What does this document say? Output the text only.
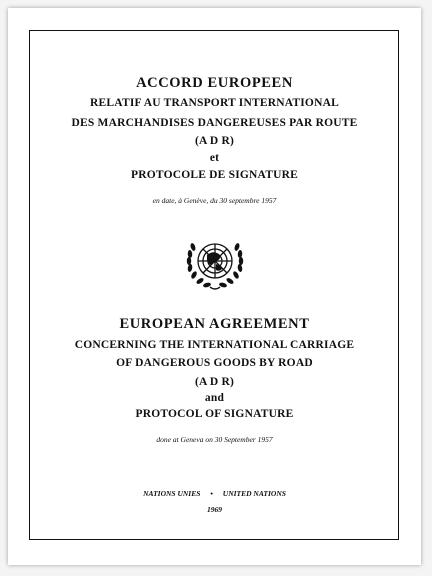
ACCORD EUROPEEN
RELATIF AU TRANSPORT INTERNATIONAL
DES MARCHANDISES DANGEREUSES PAR ROUTE
(A D R)
et
PROTOCOLE DE SIGNATURE
en date, à Genève, du 30 septembre 1957
EUROPEAN AGREEMENT
CONCERNING THE INTERNATIONAL CARRIAGE
OF DANGEROUS GOODS BY ROAD
(A D R)
and
PROTOCOL OF SIGNATURE
done at Geneva on 30 September 1957
NATIONS UNIES • UNITED NATIONS
1969
